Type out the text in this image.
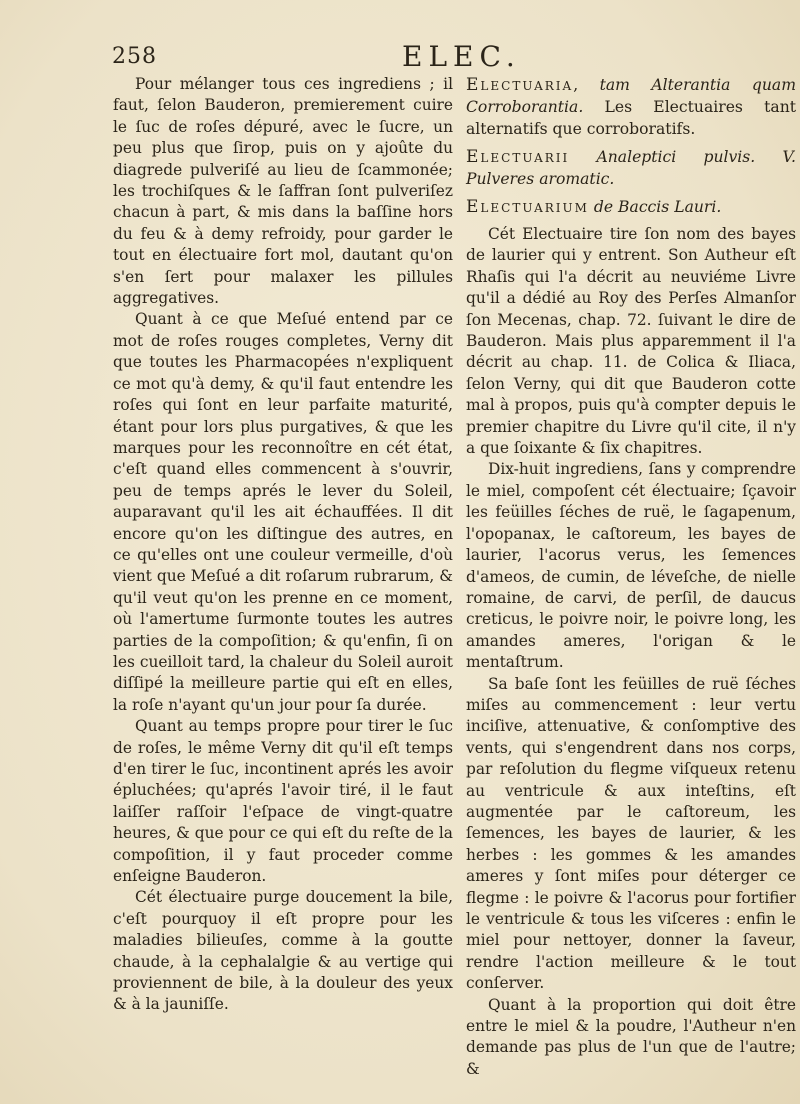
258	ELEC.

Pour mélanger tous ces ingrediens ; il faut, ſelon Bauderon, premierement cuire le ſuc de roſes dépuré, avec le ſucre, un peu plus que ſirop, puis on y ajoûte du diagrede pulveriſé au lieu de ſcammonée; les trochiſques & le ſaffran ſont pulveriſez chacun à part, & mis dans la baſſine hors du feu & à demy refroidy, pour garder le tout en électuaire fort mol, dautant qu'on s'en ſert pour malaxer les pillules aggregatives.

Quant à ce que Meſué entend par ce mot de roſes rouges completes, Verny dit que toutes les Pharmacopées n'expliquent ce mot qu'à demy, & qu'il faut entendre les roſes qui ſont en leur parfaite maturité, étant pour lors plus purgatives, & que les marques pour les reconnoître en cét état, c'eſt quand elles commencent à s'ouvrir, peu de temps aprés le lever du Soleil, auparavant qu'il les ait échauffées. Il dit encore qu'on les diſtingue des autres, en ce qu'elles ont une couleur vermeille, d'où vient que Meſué a dit roſarum rubrarum, & qu'il veut qu'on les prenne en ce moment, où l'amertume ſurmonte toutes les autres parties de la compoſition; & qu'enfin, ſi on les cueilloit tard, la chaleur du Soleil auroit diſſipé la meilleure partie qui eſt en elles, la roſe n'ayant qu'un jour pour ſa durée.

Quant au temps propre pour tirer le ſuc de roſes, le même Verny dit qu'il eſt temps d'en tirer le ſuc, incontinent aprés les avoir épluchées; qu'aprés l'avoir tiré, il le faut laiſſer raſſoir l'eſpace de vingt-quatre heures, & que pour ce qui eſt du reſte de la compoſition, il y faut proceder comme enſeigne Bauderon.

Cét électuaire purge doucement la bile, c'eſt pourquoy il eſt propre pour les maladies bilieuſes, comme à la goutte chaude, à la cephalalgie & au vertige qui proviennent de bile, à la douleur des yeux & à la jauniſſe.

Electuaria, tam Alterantia quam Corroborantia. Les Electuaires tant alternatifs que corroboratifs.
Electuarii Analeptici pulvis. V. Pulveres aromatic.
Electuarium de Baccis Lauri.

Cét Electuaire tire ſon nom des bayes de laurier qui y entrent. Son Autheur eſt Rhaſis qui l'a décrit au neuviéme Livre qu'il a dédié au Roy des Perſes Almanſor ſon Mecenas, chap. 72. ſuivant le dire de Bauderon. Mais plus apparemment il l'a décrit au chap. 11. de Colica & Iliaca, ſelon Verny, qui dit que Bauderon cotte mal à propos, puis qu'à compter depuis le premier chapitre du Livre qu'il cite, il n'y a que ſoixante & ſix chapitres.

Dix-huit ingrediens, ſans y comprendre le miel, compoſent cét électuaire; ſçavoir les feüilles ſéches de ruë, le ſagapenum, l'opopanax, le caſtoreum, les bayes de laurier, l'acorus verus, les ſemences d'ameos, de cumin, de léveſche, de nielle romaine, de carvi, de perſil, de daucus creticus, le poivre noir, le poivre long, les amandes ameres, l'origan & le mentaſtrum.

Sa baſe ſont les feüilles de ruë ſéches miſes au commencement : leur vertu inciſive, attenuative, & conſomptive des vents, qui s'engendrent dans nos corps, par reſolution du flegme viſqueux retenu au ventricule & aux inteſtins, eſt augmentée par le caſtoreum, les ſemences, les bayes de laurier, & les herbes : les gommes & les amandes ameres y ſont miſes pour déterger ce flegme : le poivre & l'acorus pour fortifier le ventricule & tous les viſceres : enfin le miel pour nettoyer, donner la ſaveur, rendre l'action meilleure & le tout conſerver.

Quant à la proportion qui doit être entre le miel & la poudre, l'Autheur n'en demande pas plus de l'un que de l'autre; &
